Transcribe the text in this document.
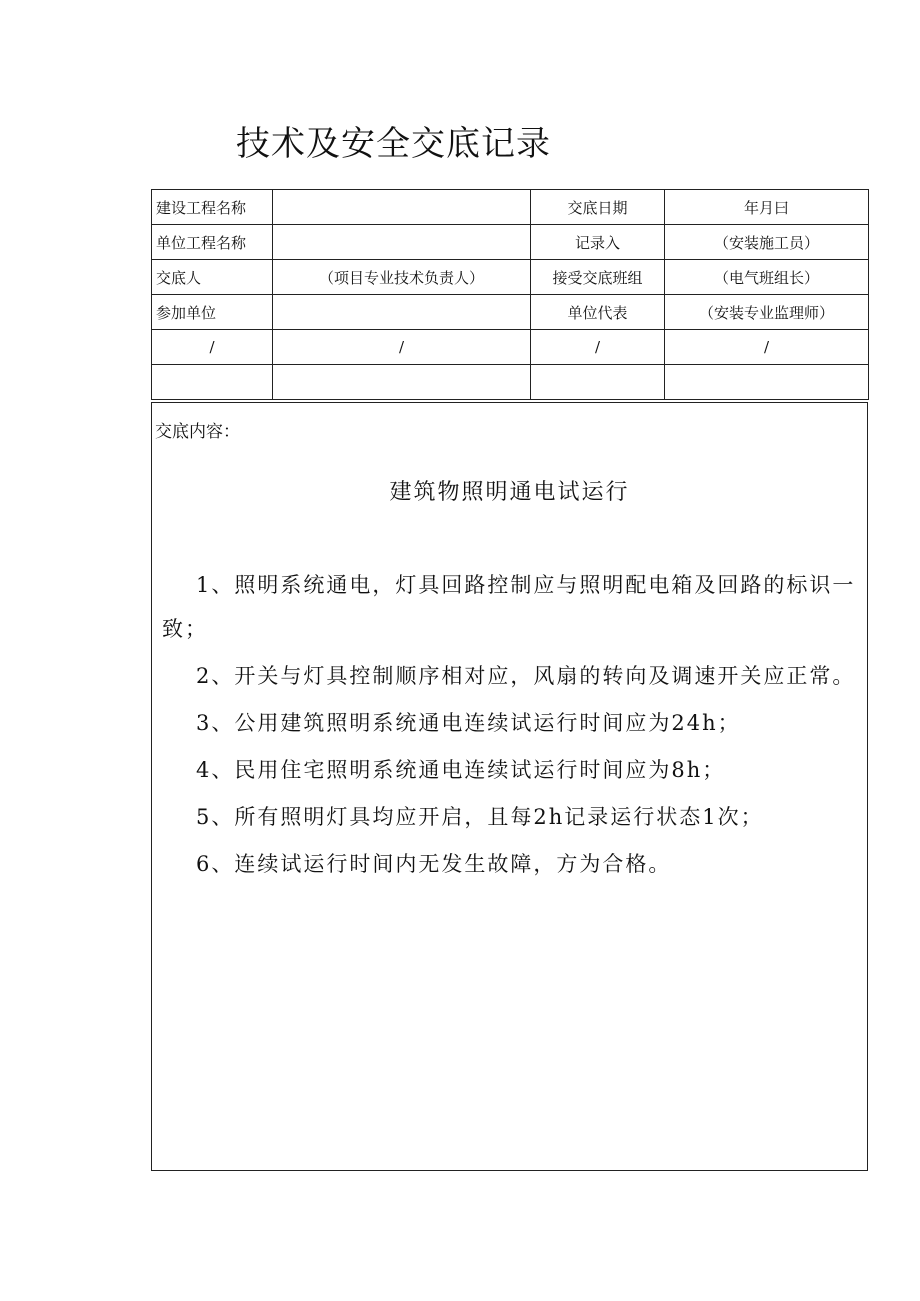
技术及安全交底记录
建设工程名称		交底日期	年月曰
单位工程名称		记录入	（安装施工员）
交底人	（项目专业技术负责人）	接受交底班组	（电气班组长）
参加单位		单位代表	（安装专业监理师）
/	/	/	/

交底内容：
建筑物照明通电试运行

1、照明系统通电，灯具回路控制应与照明配电箱及回路的标识一致；

2、开关与灯具控制顺序相对应，风扇的转向及调速开关应正常。

3、公用建筑照明系统通电连续试运行时间应为24h；

4、民用住宅照明系统通电连续试运行时间应为8h；

5、所有照明灯具均应开启，且每2h记录运行状态1次；

6、连续试运行时间内无发生故障，方为合格。
